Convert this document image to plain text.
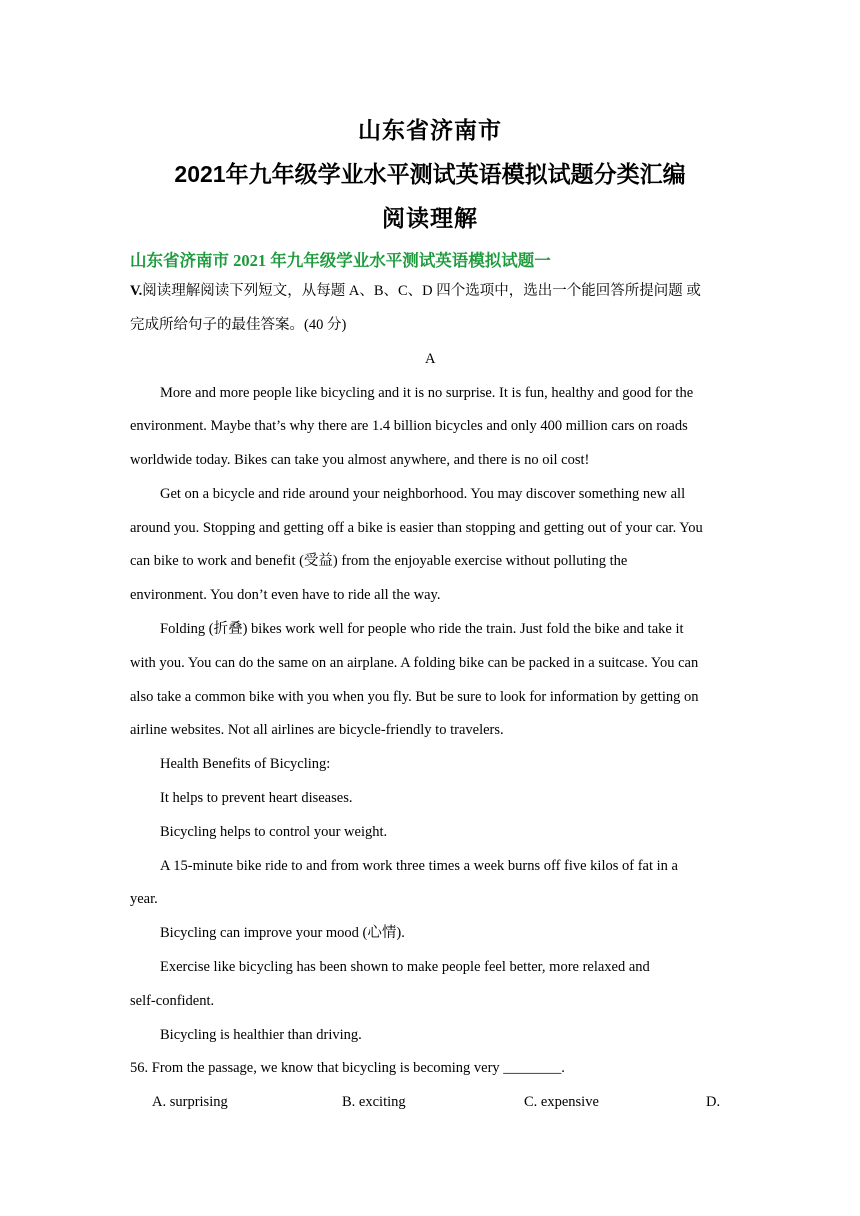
山东省济南市
2021年九年级学业水平测试英语模拟试题分类汇编
阅读理解
山东省济南市 2021 年九年级学业水平测试英语模拟试题一
V.阅读理解阅读下列短文，从每题 A、B、C、D 四个选项中，选出一个能回答所提问题 或
完成所给句子的最佳答案。(40 分)
A
More and more people like bicycling and it is no surprise. It is fun, healthy and good for the
environment. Maybe that’s why there are 1.4 billion bicycles and only 400 million cars on roads
worldwide today. Bikes can take you almost anywhere, and there is no oil cost!
Get on a bicycle and ride around your neighborhood. You may discover something new all
around you. Stopping and getting off a bike is easier than stopping and getting out of your car. You
can bike to work and benefit (受益) from the enjoyable exercise without polluting the
environment. You don’t even have to ride all the way.
Folding (折叠) bikes work well for people who ride the train. Just fold the bike and take it
with you. You can do the same on an airplane. A folding bike can be packed in a suitcase. You can
also take a common bike with you when you fly. But be sure to look for information by getting on
airline websites. Not all airlines are bicycle-friendly to travelers.
Health Benefits of Bicycling:
It helps to prevent heart diseases.
Bicycling helps to control your weight.
A 15-minute bike ride to and from work three times a week burns off five kilos of fat in a
year.
Bicycling can improve your mood (心情).
Exercise like bicycling has been shown to make people feel better, more relaxed and
self-confident.
Bicycling is healthier than driving.
56. From the passage, we know that bicycling is becoming very ________.
A. surprising	B. exciting	C. expensive	D.
